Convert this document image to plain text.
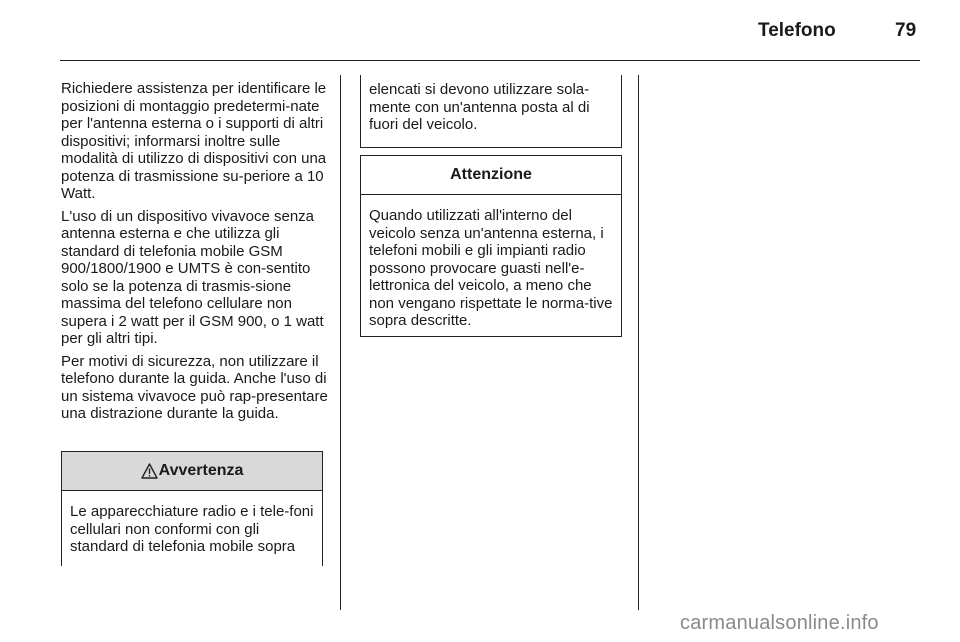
Telefono	79

Richiedere assistenza per identificare le posizioni di montaggio predetermi-nate per l'antenna esterna o i supporti di altri dispositivi; informarsi inoltre sulle modalità di utilizzo di dispositivi con una potenza di trasmissione su-periore a 10 Watt.

L'uso di un dispositivo vivavoce senza antenna esterna e che utilizza gli standard di telefonia mobile GSM 900/1800/1900 e UMTS è con-sentito solo se la potenza di trasmis-sione massima del telefono cellulare non supera i 2 watt per il GSM 900, o 1 watt per gli altri tipi.

Per motivi di sicurezza, non utilizzare il telefono durante la guida. Anche l'uso di un sistema vivavoce può rap-presentare una distrazione durante la guida.

Avvertenza
Le apparecchiature radio e i tele-foni cellulari non conformi con gli standard di telefonia mobile sopra
elencati si devono utilizzare sola-mente con un'antenna posta al di fuori del veicolo.
Attenzione
Quando utilizzati all'interno del veicolo senza un'antenna esterna, i telefoni mobili e gli impianti radio possono provocare guasti nell'e-lettronica del veicolo, a meno che non vengano rispettate le norma-tive sopra descritte.
carmanualsonline.info
